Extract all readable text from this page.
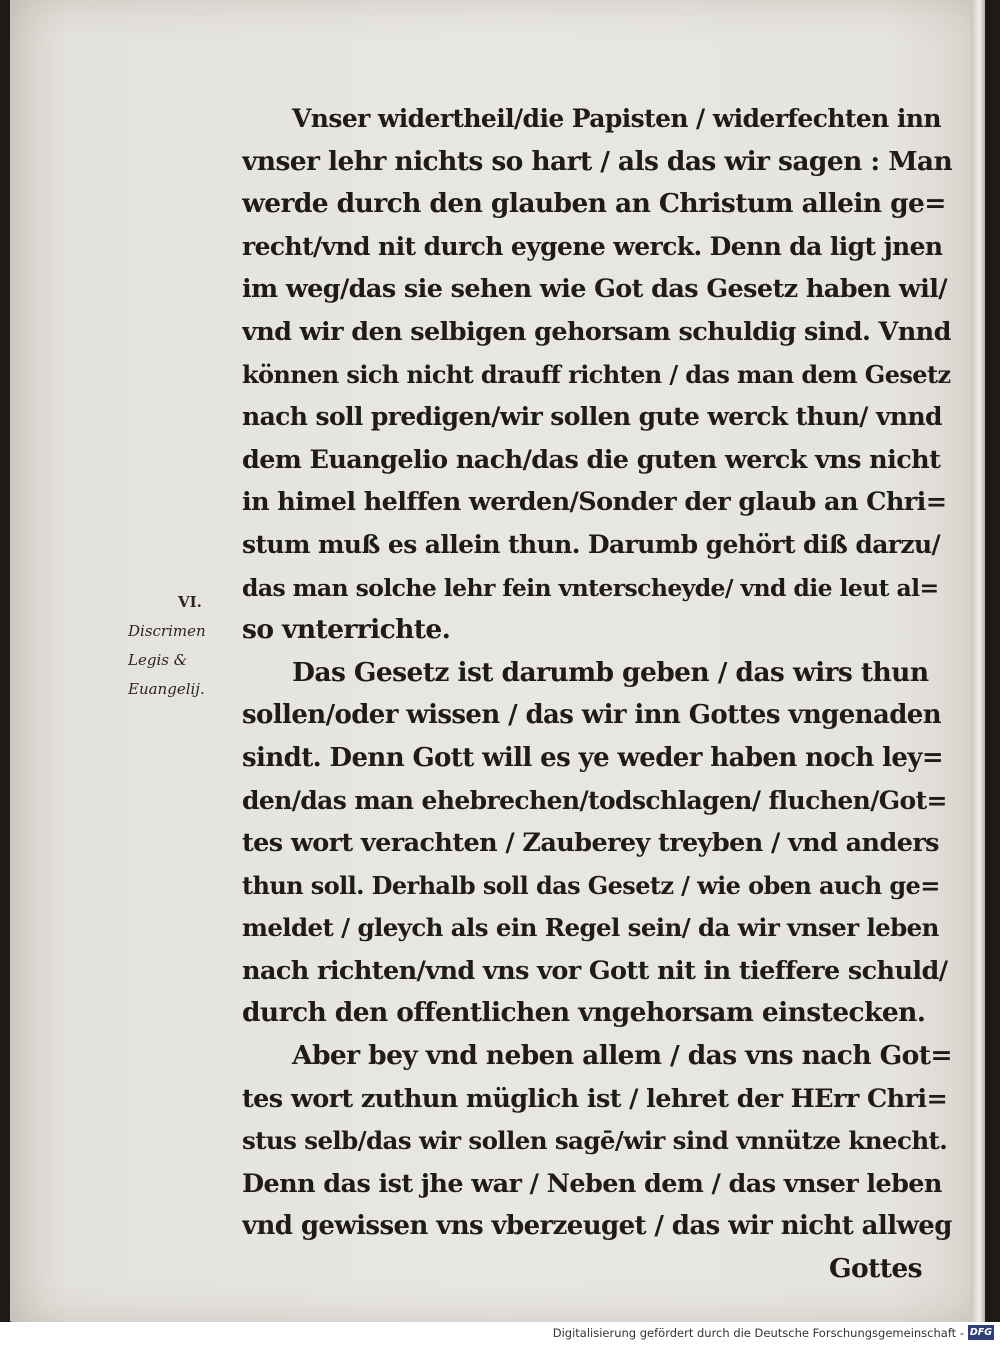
VI.
Discrimen
Legis &
Euangelij.
Vnser widertheil/die Papisten / widerfechten inn
vnser lehr nichts so hart / als das wir sagen : Man
werde durch den glauben an Christum allein ge=
recht/vnd nit durch eygene werck. Denn da ligt jnen
im weg/das sie sehen wie Got das Gesetz haben wil/
vnd wir den selbigen gehorsam schuldig sind. Vnnd
können sich nicht drauff richten / das man dem Gesetz
nach soll predigen/wir sollen gute werck thun/ vnnd
dem Euangelio nach/das die guten werck vns nicht
in himel helffen werden/Sonder der glaub an Chri=
stum muß es allein thun. Darumb gehört diß darzu/
das man solche lehr fein vnterscheyde/ vnd die leut al=
so vnterrichte.
Das Gesetz ist darumb geben / das wirs thun
sollen/oder wissen / das wir inn Gottes vngenaden
sindt. Denn Gott will es ye weder haben noch ley=
den/das man ehebrechen/todschlagen/ fluchen/Got=
tes wort verachten / Zauberey treyben / vnd anders
thun soll. Derhalb soll das Gesetz / wie oben auch ge=
meldet / gleych als ein Regel sein/ da wir vnser leben
nach richten/vnd vns vor Gott nit in tieffere schuld/
durch den offentlichen vngehorsam einstecken.
Aber bey vnd neben allem / das vns nach Got=
tes wort zuthun müglich ist / lehret der HErr Chri=
stus selb/das wir sollen sagē/wir sind vnnütze knecht.
Denn das ist jhe war / Neben dem / das vnser leben
vnd gewissen vns vberzeuget / das wir nicht allweg
Gottes
Digitalisierung gefördert durch die Deutsche Forschungsgemeinschaft - DFG
